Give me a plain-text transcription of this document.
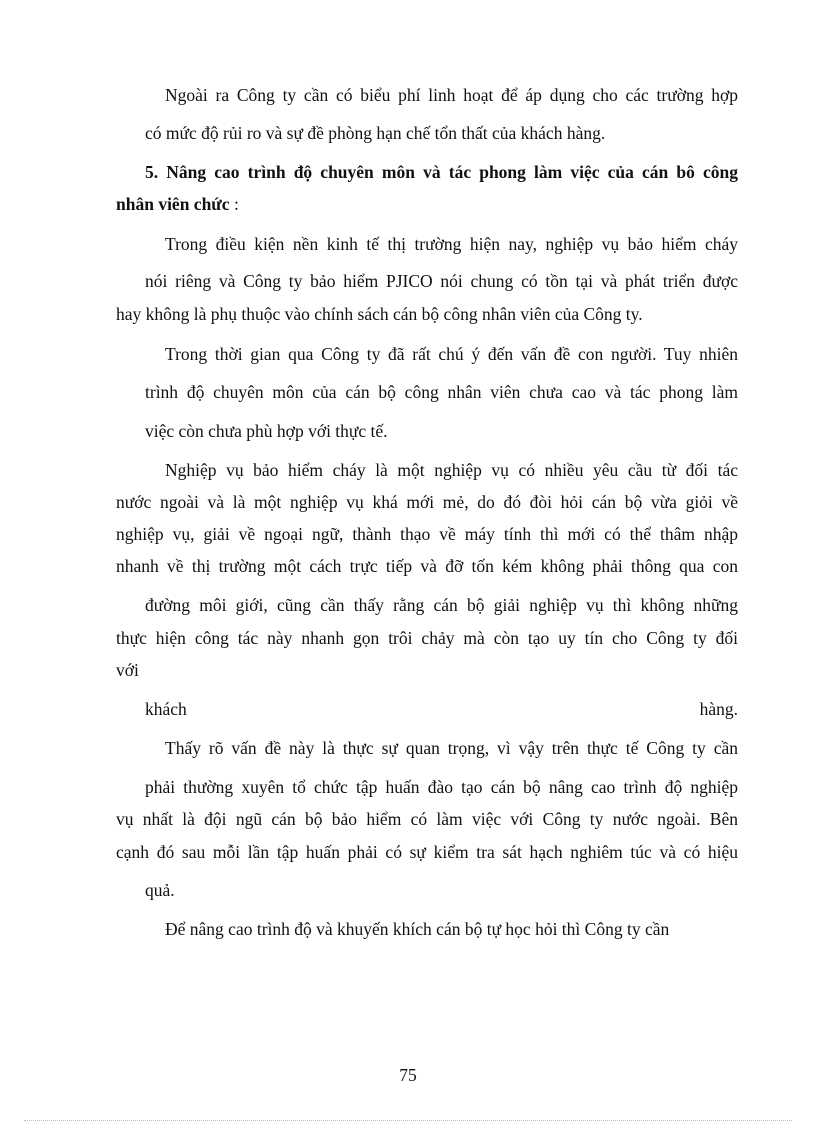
Ngoài ra Công ty cần có biểu phí linh hoạt để áp dụng cho các trường hợp

có mức độ rủi ro và sự đề phòng hạn chế tổn thất của khách hàng.

5. Nâng cao trình độ chuyên môn và tác phong làm việc của cán bô công

nhân viên chức :

Trong điều kiện nền kinh tế thị trường hiện nay, nghiệp vụ bảo hiểm cháy

nói riêng và Công ty bảo hiểm PJICO nói chung có tồn tại và phát triển được

hay không là phụ thuộc vào chính sách cán bộ công nhân viên của Công ty.

Trong thời gian qua Công ty đã rất chú ý đến vấn đề con người. Tuy nhiên

trình độ chuyên môn của cán bộ công nhân viên chưa cao và tác phong làm

việc còn chưa phù hợp với thực tế.

Nghiệp vụ bảo hiểm cháy là một nghiệp vụ có nhiều yêu cầu từ đối tác

nước ngoài và là một nghiệp vụ khá mới mẻ, do đó đòi hỏi cán bộ vừa giỏi về

nghiệp vụ, giải về ngoại ngữ, thành thạo về máy tính thì mới có thể thâm nhập

nhanh về thị trường một cách trực tiếp và đỡ tốn kém không phải thông qua con

đường môi giới, cũng cần thấy rằng cán bộ giải nghiệp vụ thì không những

thực hiện công tác này nhanh gọn trôi chảy mà còn tạo uy tín cho Công ty đối

với

khách	hàng.

Thấy rõ vấn đề này là thực sự quan trọng, vì vậy trên thực tế Công ty cần

phải thường xuyên tổ chức tập huấn đào tạo cán bộ nâng cao trình độ nghiệp

vụ nhất là đội ngũ cán bộ bảo hiểm có làm việc với Công ty nước ngoài. Bên

cạnh đó sau mỗi lần tập huấn phải có sự kiểm tra sát hạch nghiêm túc và có hiệu

quả.

Để nâng cao trình độ và khuyến khích cán bộ tự học hỏi thì Công ty cần

75
